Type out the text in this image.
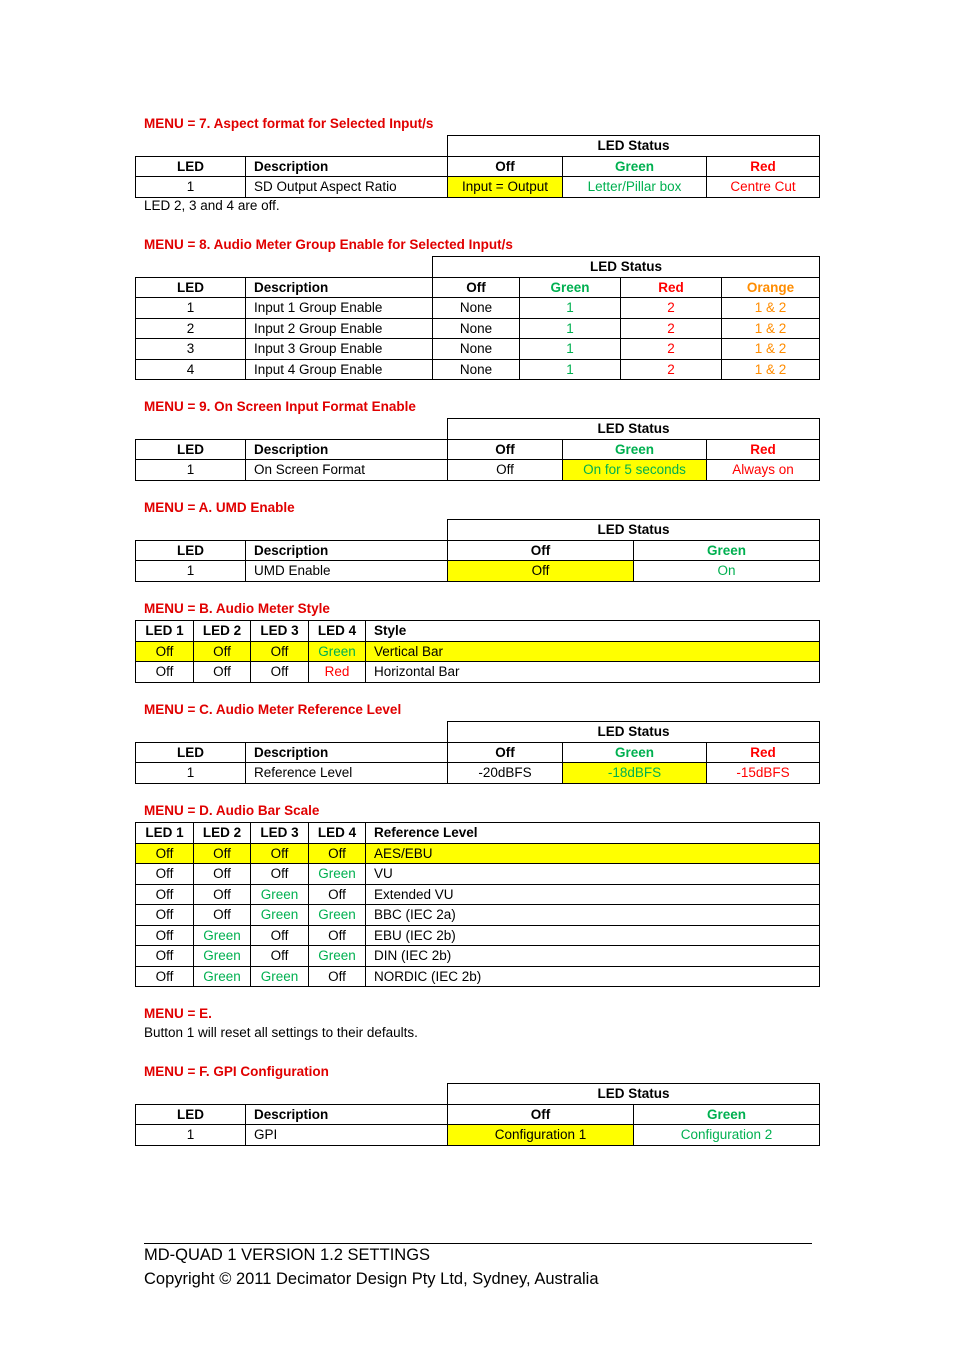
MENU = 7. Aspect format for Selected Input/s
		LED Status		
LED	Description	Off	Green	Red
1	SD Output Aspect Ratio	Input = Output	Letter/Pillar box	Centre Cut
LED 2, 3 and 4 are off.
MENU = 8. Audio Meter Group Enable for Selected Input/s
		LED Status			
LED	Description	Off	Green	Red	Orange
1	Input 1 Group Enable	None	1	2	1 & 2
2	Input 2 Group Enable	None	1	2	1 & 2
3	Input 3 Group Enable	None	1	2	1 & 2
4	Input 4 Group Enable	None	1	2	1 & 2
MENU = 9. On Screen Input Format Enable
		LED Status		
LED	Description	Off	Green	Red
1	On Screen Format	Off	On for 5 seconds	Always on
MENU = A. UMD Enable
		LED Status	
LED	Description	Off	Green
1	UMD Enable	Off	On
MENU = B. Audio Meter Style
LED 1	LED 2	LED 3	LED 4	Style
Off	Off	Off	Green	Vertical Bar
Off	Off	Off	Red	Horizontal Bar
MENU = C. Audio Meter Reference Level
		LED Status		
LED	Description	Off	Green	Red
1	Reference Level	-20dBFS	-18dBFS	-15dBFS
MENU = D. Audio Bar Scale
LED 1	LED 2	LED 3	LED 4	Reference Level
Off	Off	Off	Off	AES/EBU
Off	Off	Off	Green	VU
Off	Off	Green	Off	Extended VU
Off	Off	Green	Green	BBC (IEC 2a)
Off	Green	Off	Off	EBU (IEC 2b)
Off	Green	Off	Green	DIN (IEC 2b)
Off	Green	Green	Off	NORDIC (IEC 2b)
MENU = E.
Button 1 will reset all settings to their defaults.
MENU = F. GPI Configuration
		LED Status	
LED	Description	Off	Green
1	GPI	Configuration 1	Configuration 2
MD-QUAD 1 VERSION 1.2 SETTINGS
Copyright © 2011 Decimator Design Pty Ltd, Sydney, Australia
